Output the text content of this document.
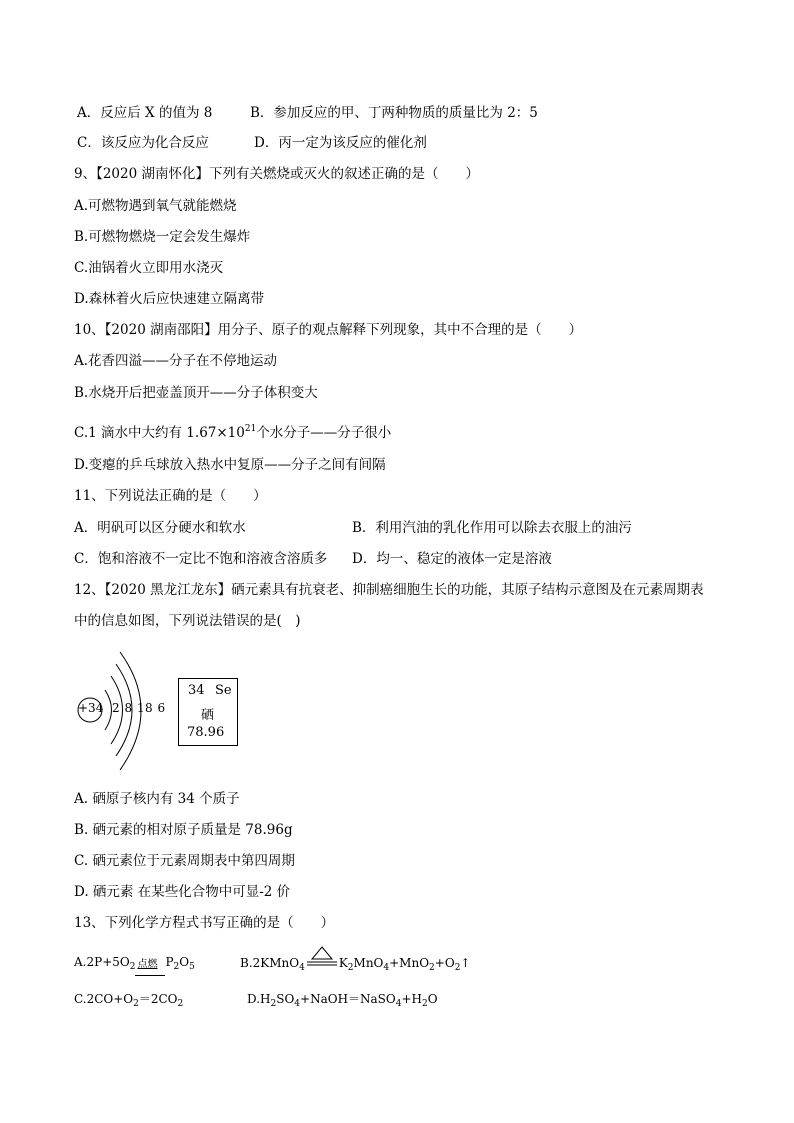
A．反应后 X 的值为 8	B．参加反应的甲、丁两种物质的质量比为 2：5
C．该反应为化合反应	D．丙一定为该反应的催化剂
9、【2020 湖南怀化】下列有关燃烧或灭火的叙述正确的是（　　）
A.可燃物遇到氧气就能燃烧
B.可燃物燃烧一定会发生爆炸
C.油锅着火立即用水浇灭
D.森林着火后应快速建立隔离带
10、【2020 湖南邵阳】用分子、原子的观点解释下列现象，其中不合理的是（　　）
A.花香四溢——分子在不停地运动
B.水烧开后把壶盖顶开——分子体积变大
C.1 滴水中大约有 $1.67\times 10^{21}$个水分子——分子很小
D.变瘪的乒乓球放入热水中复原——分子之间有间隔
11、下列说法正确的是（　　）
A．明矾可以区分硬水和软水	B．利用汽油的乳化作用可以除去衣服上的油污
C．饱和溶液不一定比不饱和溶液含溶质多 D．均一、稳定的液体一定是溶液
12、【2020 黑龙江龙东】硒元素具有抗衰老、抑制癌细胞生长的功能，其原子结构示意图及在元素周期表
中的信息如图，下列说法错误的是(　)
+34 2 8 18 6
34 Se
硒
78.96
A. 硒原子核内有 34 个质子
B. 硒元素的相对原子质量是 78.96g
C. 硒元素位于元素周期表中第四周期
D. 硒元素 在某些化合物中可显-2 价
13、下列化学方程式书写正确的是（　　）
$A.2P+5O_2$ 点燃 $P_2O_5$	B.2KMnO$_4$	$K_2MnO_4+MnO_2+O_2↑$
$C.2CO+O_2=2CO_2$	$D.H_2SO_4+NaOH=NaSO_4+H_2O$
